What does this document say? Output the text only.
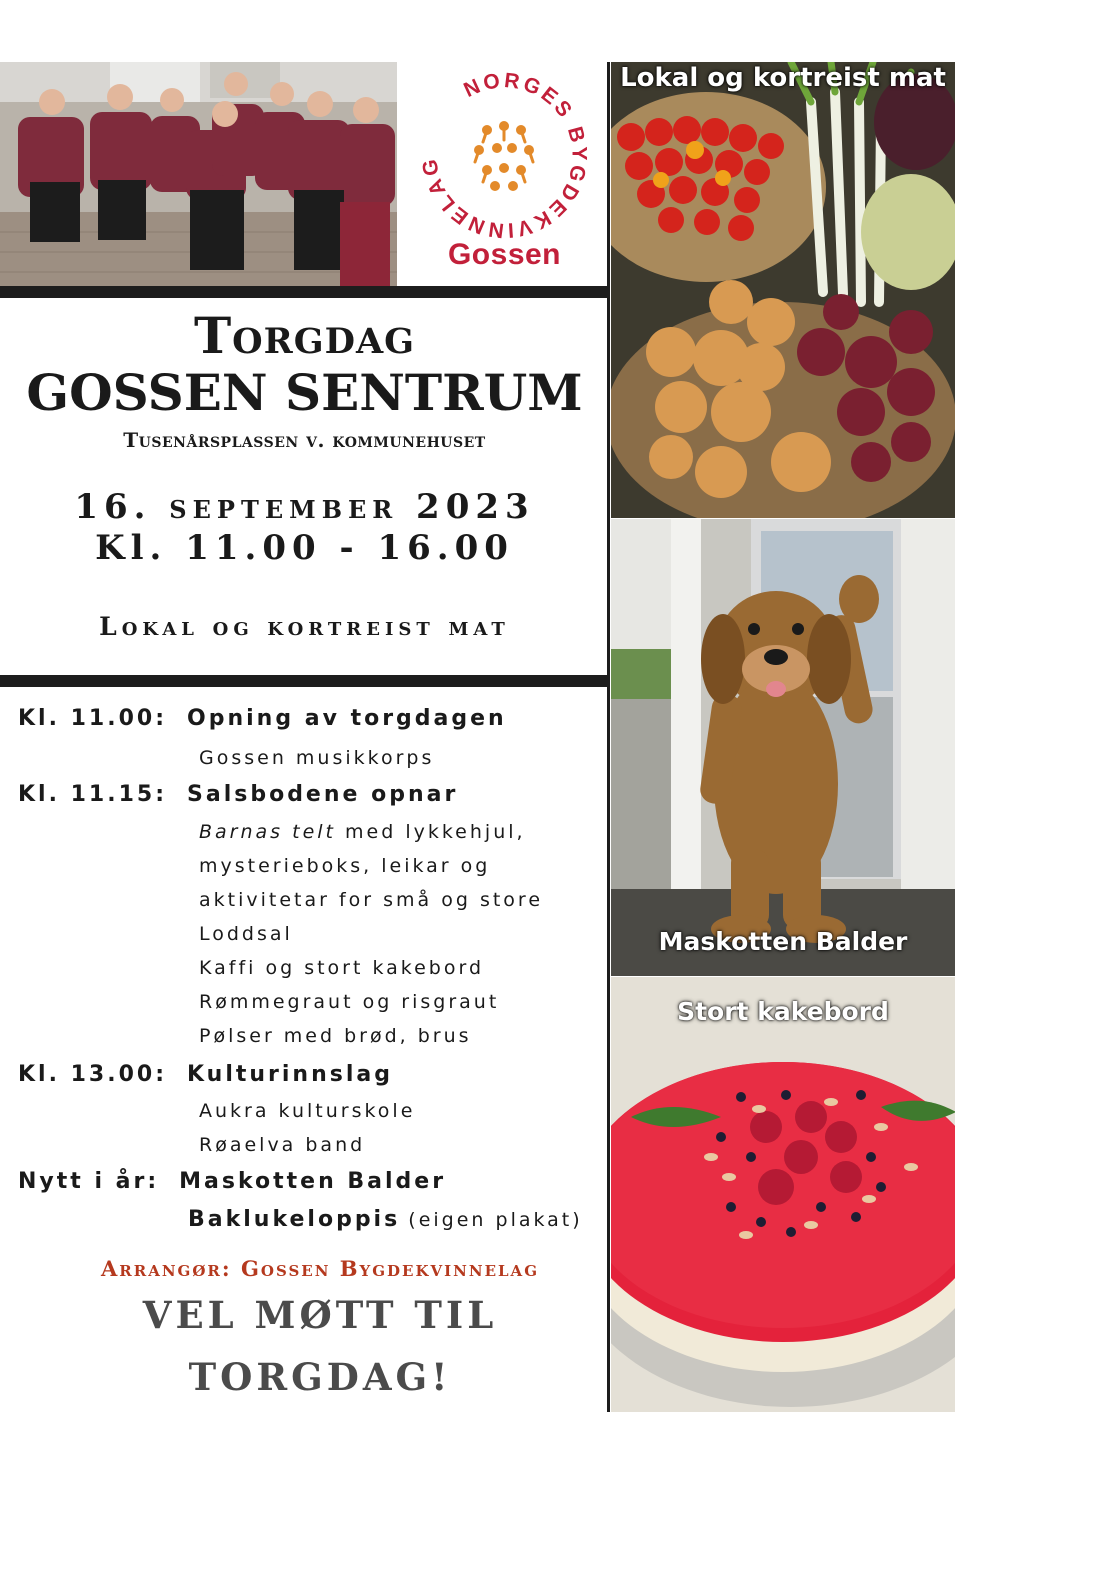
NORGES BYGDEKVINNELAG
Gossen
Torgdag
GOSSEN SENTRUM
Tusenårsplassen v. kommunehuset
16. september 2023
Kl. 11.00 - 16.00
Lokal og kortreist mat
Kl. 11.00: Opning av torgdagen
Gossen musikkorps
Kl. 11.15: Salsbodene opnar
Barnas telt med lykkehjul,
mysterieboks, leikar og
aktivitetar for små og store
Loddsal
Kaffi og stort kakebord
Rømmegraut og risgraut
Pølser med brød, brus
Kl. 13.00: Kulturinnslag
Aukra kulturskole
Røaelva band
Nytt i år: Maskotten Balder
Baklukeloppis (eigen plakat)
Arrangør: Gossen Bygdekvinnelag
VEL MØTT TIL
TORGDAG!
Lokal og kortreist mat
Maskotten Balder
Stort kakebord
